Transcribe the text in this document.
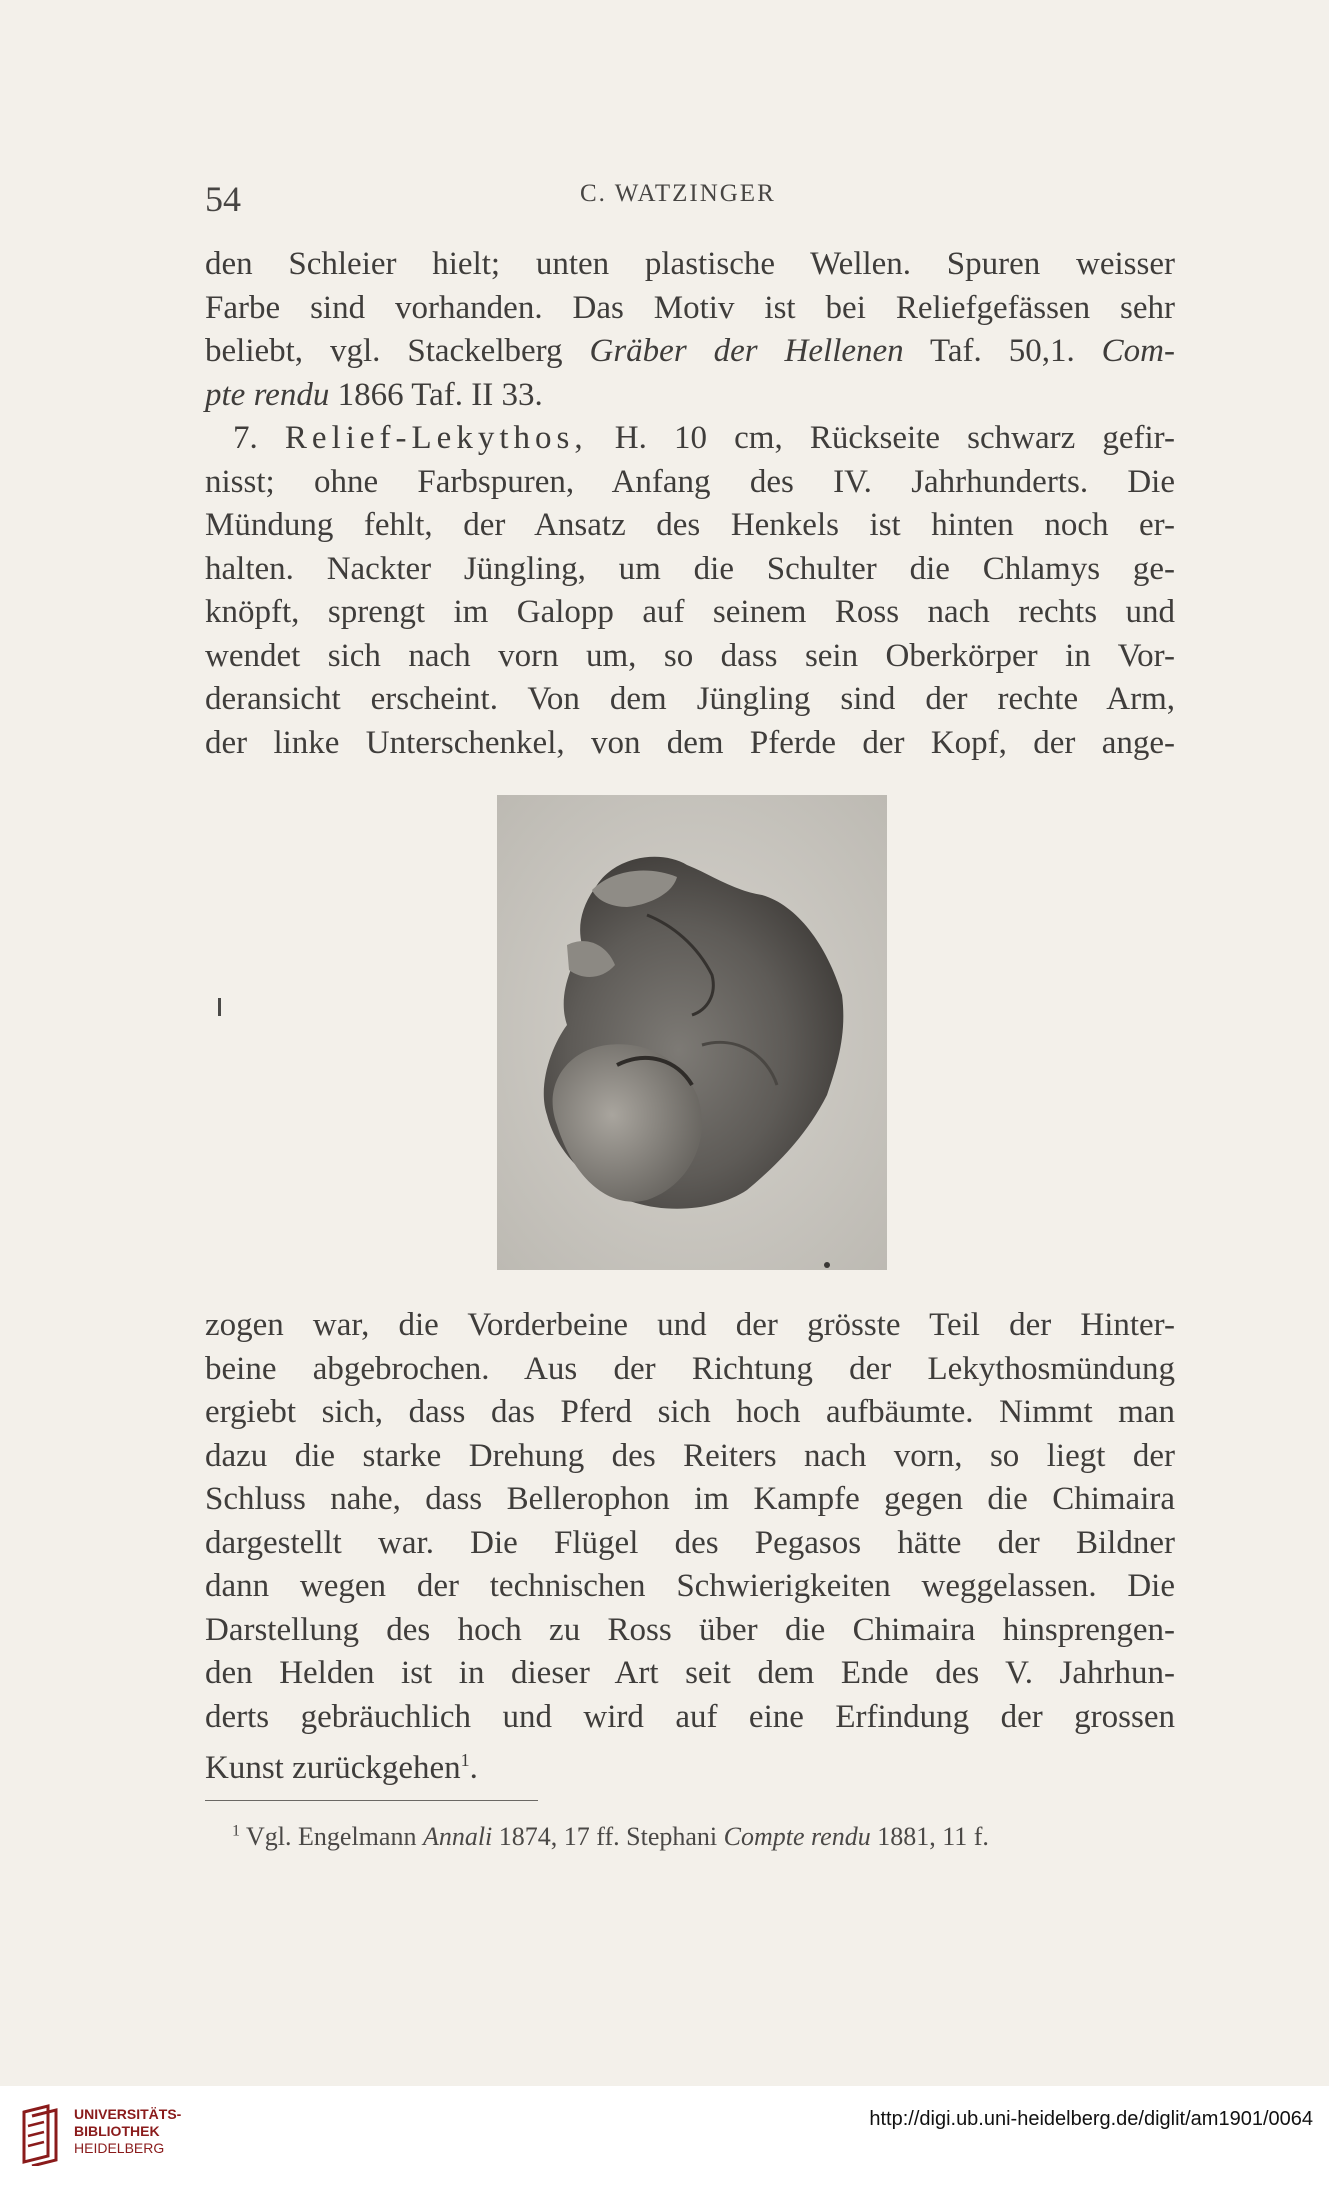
54	C. WATZINGER
den Schleier hielt; unten plastische Wellen. Spuren weisser
Farbe sind vorhanden. Das Motiv ist bei Reliefgefässen sehr
beliebt, vgl. Stackelberg Gräber der Hellenen Taf. 50,1. Com-
pte rendu 1866 Taf. II 33.
7. Relief-Lekythos, H. 10 cm, Rückseite schwarz gefir-
nisst; ohne Farbspuren, Anfang des IV. Jahrhunderts. Die
Mündung fehlt, der Ansatz des Henkels ist hinten noch er-
halten. Nackter Jüngling, um die Schulter die Chlamys ge-
knöpft, sprengt im Galopp auf seinem Ross nach rechts und
wendet sich nach vorn um, so dass sein Oberkörper in Vor-
deransicht erscheint. Von dem Jüngling sind der rechte Arm,
der linke Unterschenkel, von dem Pferde der Kopf, der ange-
zogen war, die Vorderbeine und der grösste Teil der Hinter-
beine abgebrochen. Aus der Richtung der Lekythosmündung
ergiebt sich, dass das Pferd sich hoch aufbäumte. Nimmt man
dazu die starke Drehung des Reiters nach vorn, so liegt der
Schluss nahe, dass Bellerophon im Kampfe gegen die Chimaira
dargestellt war. Die Flügel des Pegasos hätte der Bildner
dann wegen der technischen Schwierigkeiten weggelassen. Die
Darstellung des hoch zu Ross über die Chimaira hinsprengen-
den Helden ist in dieser Art seit dem Ende des V. Jahrhun-
derts gebräuchlich und wird auf eine Erfindung der grossen
Kunst zurückgehen$^1$.
$^1$ Vgl. Engelmann Annali 1874, 17 ff. Stephani Compte rendu 1881, 11 f.
UNIVERSITÄTS-
BIBLIOTHEK
HEIDELBERG
http://digi.ub.uni-heidelberg.de/diglit/am1901/0064
